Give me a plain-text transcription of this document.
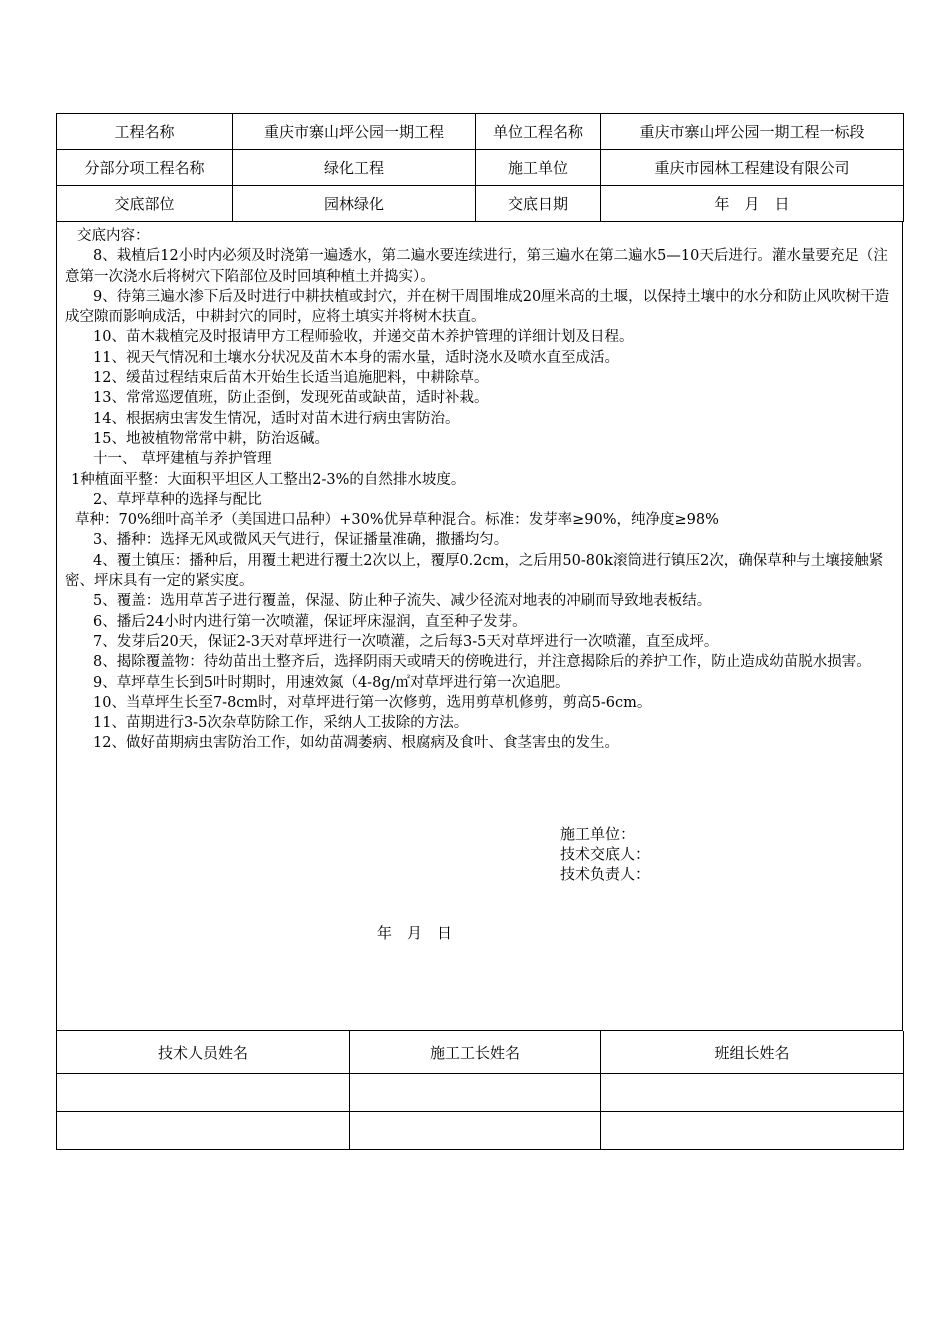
工程名称	重庆市寨山坪公园一期工程	单位工程名称	重庆市寨山坪公园一期工程一标段
分部分项工程名称	绿化工程	施工单位	重庆市园林工程建设有限公司
交底部位	园林绿化	交底日期	年　月　日

交底内容：

8、栽植后12小时内必须及时浇第一遍透水，第二遍水要连续进行，第三遍水在第二遍水5—10天后进行。灌水量要充足（注意第一次浇水后将树穴下陷部位及时回填种植土并捣实）。

9、待第三遍水渗下后及时进行中耕扶植或封穴，并在树干周围堆成20厘米高的土堰，以保持土壤中的水分和防止风吹树干造成空隙而影响成活，中耕封穴的同时，应将土填实并将树木扶直。

10、苗木栽植完及时报请甲方工程师验收，并递交苗木养护管理的详细计划及日程。

11、视天气情况和土壤水分状况及苗木本身的需水量，适时浇水及喷水直至成活。

12、缓苗过程结束后苗木开始生长适当追施肥料，中耕除草。

13、常常巡逻值班，防止歪倒，发现死苗或缺苗，适时补栽。

14、根据病虫害发生情况，适时对苗木进行病虫害防治。

15、地被植物常常中耕，防治返碱。

十一、 草坪建植与养护管理

1种植面平整：大面积平坦区人工整出2-3%的自然排水坡度。

2、草坪草种的选择与配比

草种：70%细叶高羊矛（美国进口品种）+30%优异草种混合。标准：发芽率≥90%，纯净度≥98%

3、播种：选择无风或微风天气进行，保证播量准确，撒播均匀。

4、覆土镇压：播种后，用覆土耙进行覆土2次以上，覆厚0.2cm，之后用50-80k滚筒进行镇压2次，确保草种与土壤接触紧密、坪床具有一定的紧实度。

5、覆盖：选用草苫子进行覆盖，保湿、防止种子流失、减少径流对地表的冲刷而导致地表板结。

6、播后24小时内进行第一次喷灌，保证坪床湿润，直至种子发芽。

7、发芽后20天，保证2-3天对草坪进行一次喷灌，之后每3-5天对草坪进行一次喷灌，直至成坪。

8、揭除覆盖物：待幼苗出土整齐后，选择阴雨天或晴天的傍晚进行，并注意揭除后的养护工作，防止造成幼苗脱水损害。

9、草坪草生长到5叶时期时，用速效氮（4-8g/㎡对草坪进行第一次追肥。

10、当草坪生长至7-8cm时，对草坪进行第一次修剪，选用剪草机修剪，剪高5-6cm。

11、苗期进行3-5次杂草防除工作，采纳人工拔除的方法。

12、做好苗期病虫害防治工作，如幼苗凋萎病、根腐病及食叶、食茎害虫的发生。

施工单位：
技术交底人：
技术负责人：
年　月　日
技术人员姓名	施工工长姓名	班组长姓名
